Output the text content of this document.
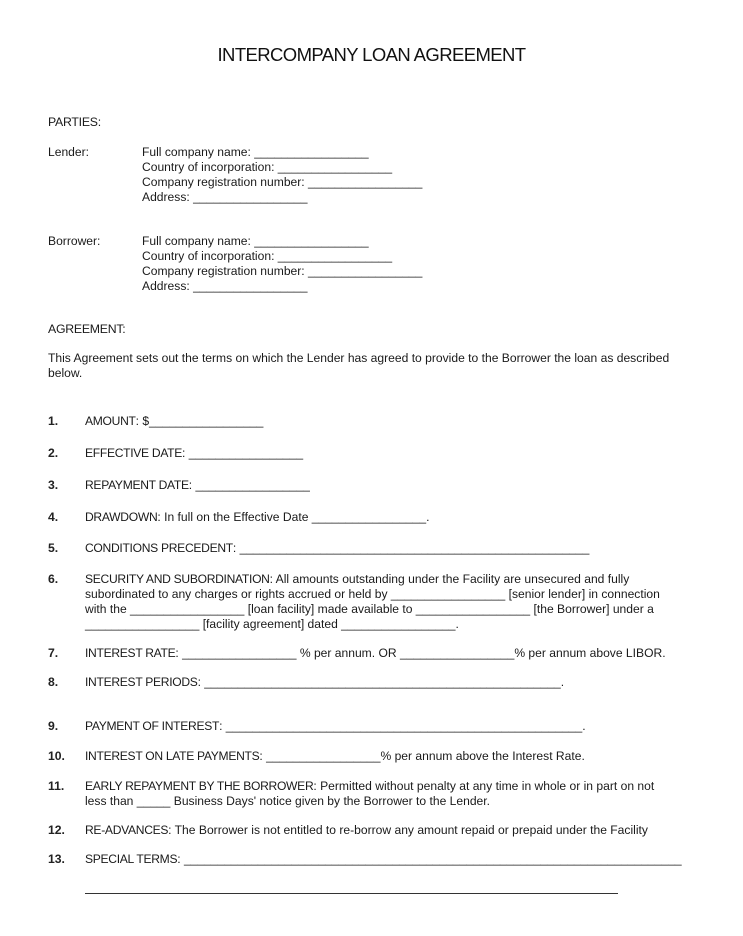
INTERCOMPANY LOAN AGREEMENT
PARTIES:
Lender:	Full company name: _________________
Country of incorporation: _________________
Company registration number: _________________
Address: _________________
Borrower:	Full company name: _________________
Country of incorporation: _________________
Company registration number: _________________
Address: _________________
AGREEMENT:
This Agreement sets out the terms on which the Lender has agreed to provide to the Borrower the loan as described
below.
1. AMOUNT: $_________________
2. EFFECTIVE DATE: _________________
3. REPAYMENT DATE: _________________
4. DRAWDOWN: In full on the Effective Date _________________.
5. CONDITIONS PRECEDENT: ____________________________________________________
6. SECURITY AND SUBORDINATION: All amounts outstanding under the Facility are unsecured and fully
subordinated to any charges or rights accrued or held by _________________ [senior lender] in connection
with the _________________ [loan facility] made available to _________________ [the Borrower] under a
_________________ [facility agreement] dated _________________.
7. INTEREST RATE: _________________ % per annum. OR _________________% per annum above LIBOR.
8. INTEREST PERIODS: _____________________________________________________.
9. PAYMENT OF INTEREST: _____________________________________________________.
10. INTEREST ON LATE PAYMENTS: _________________% per annum above the Interest Rate.
11. EARLY REPAYMENT BY THE BORROWER: Permitted without penalty at any time in whole or in part on not
less than _____ Business Days' notice given by the Borrower to the Lender.
12. RE-ADVANCES: The Borrower is not entitled to re-borrow any amount repaid or prepaid under the Facility
13. SPECIAL TERMS: __________________________________________________________________________
